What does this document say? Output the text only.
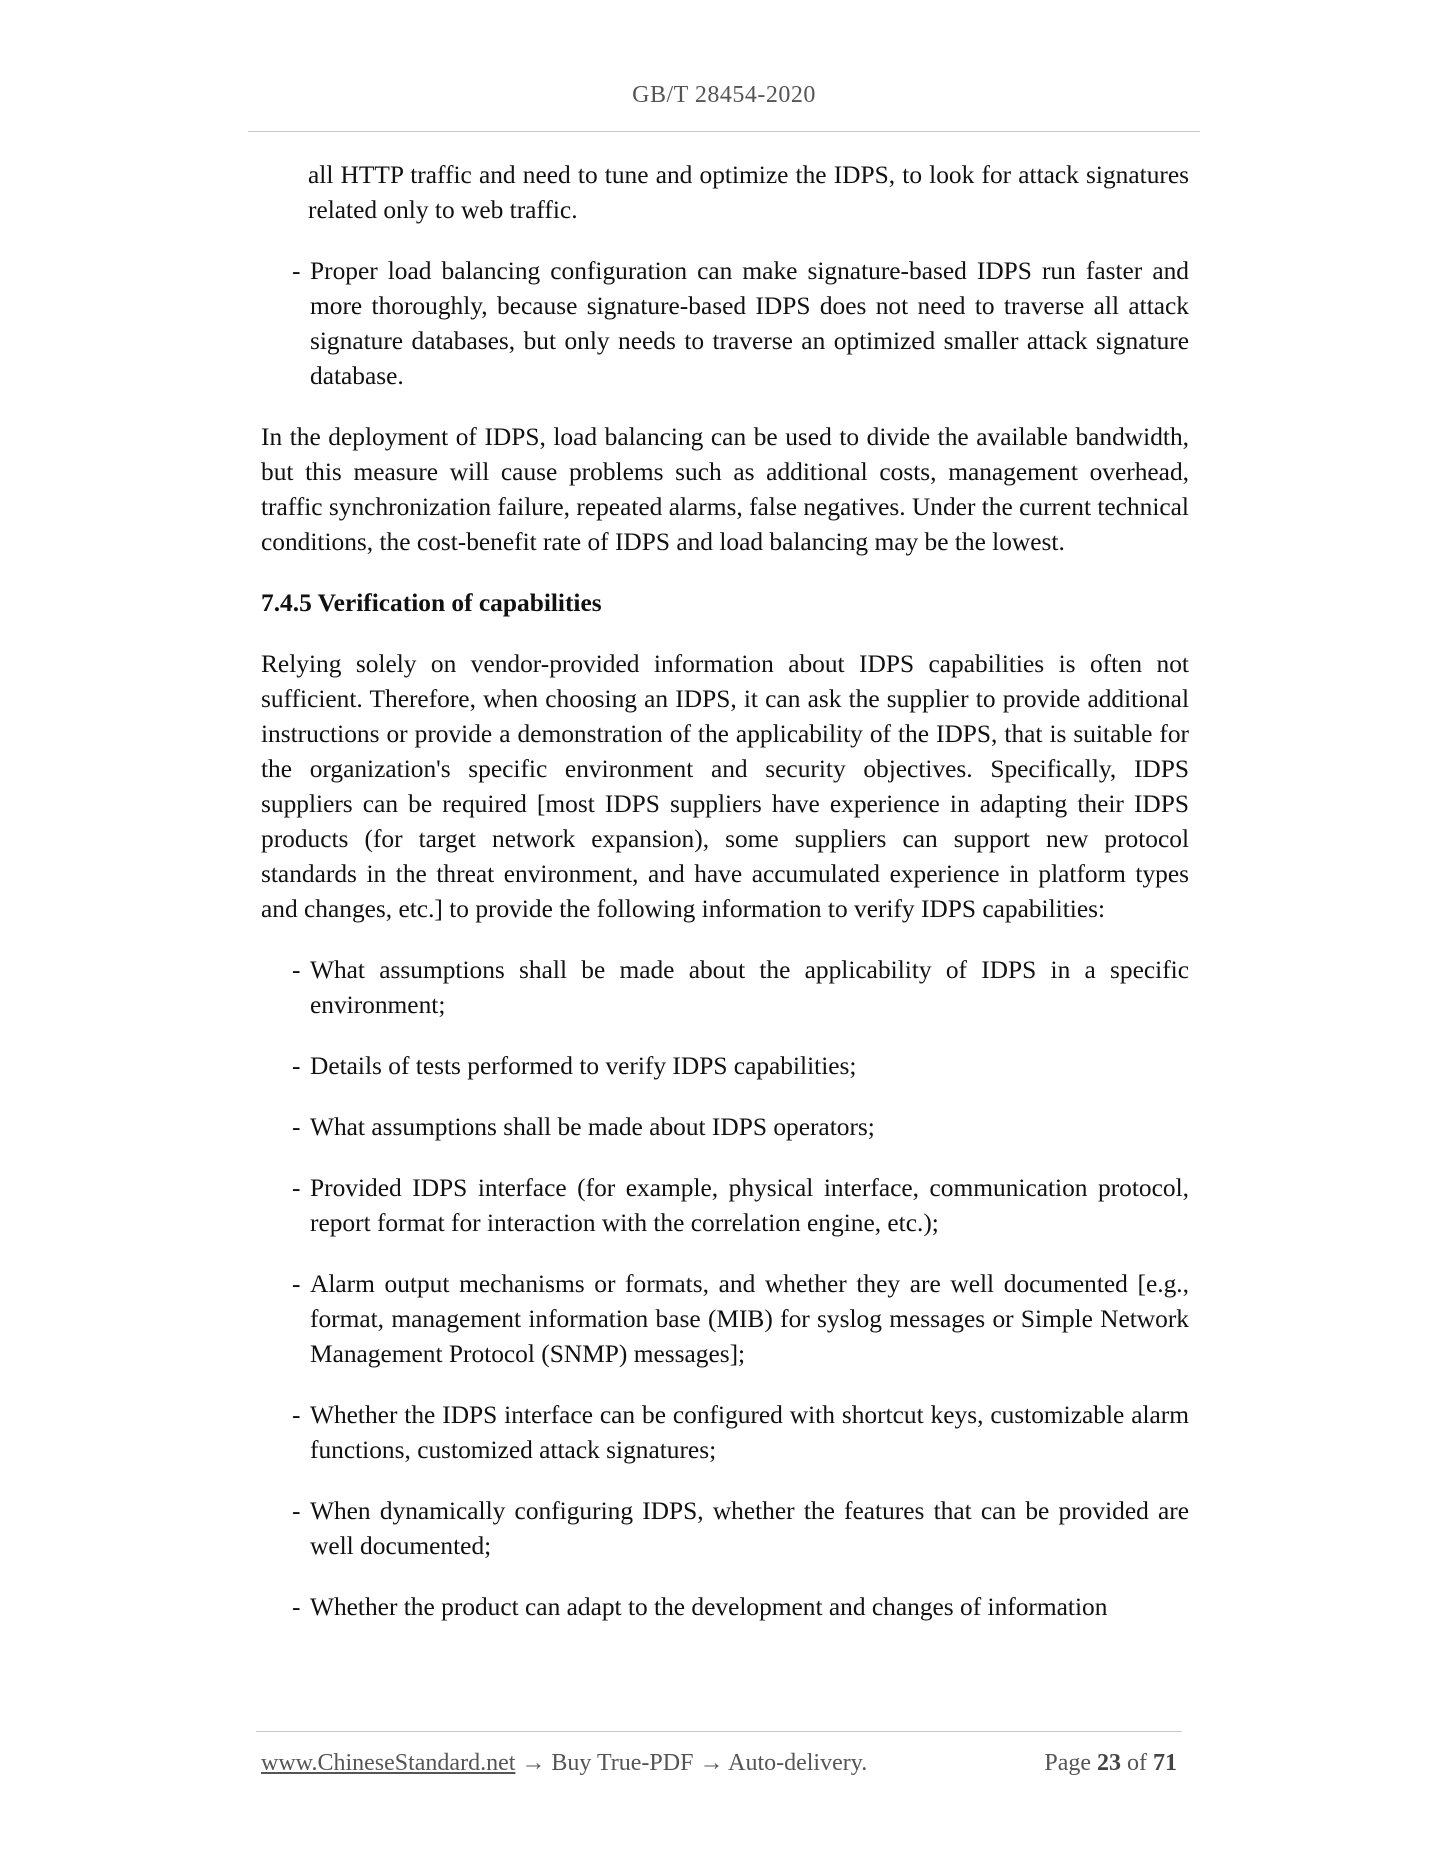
GB/T 28454-2020

all HTTP traffic and need to tune and optimize the IDPS, to look for attack signatures related only to web traffic.

- Proper load balancing configuration can make signature-based IDPS run faster and more thoroughly, because signature-based IDPS does not need to traverse all attack signature databases, but only needs to traverse an optimized smaller attack signature database.

In the deployment of IDPS, load balancing can be used to divide the available bandwidth, but this measure will cause problems such as additional costs, management overhead, traffic synchronization failure, repeated alarms, false negatives. Under the current technical conditions, the cost-benefit rate of IDPS and load balancing may be the lowest.

7.4.5 Verification of capabilities

Relying solely on vendor-provided information about IDPS capabilities is often not sufficient. Therefore, when choosing an IDPS, it can ask the supplier to provide additional instructions or provide a demonstration of the applicability of the IDPS, that is suitable for the organization's specific environment and security objectives. Specifically, IDPS suppliers can be required [most IDPS suppliers have experience in adapting their IDPS products (for target network expansion), some suppliers can support new protocol standards in the threat environment, and have accumulated experience in platform types and changes, etc.] to provide the following information to verify IDPS capabilities:

- What assumptions shall be made about the applicability of IDPS in a specific environment;
- Details of tests performed to verify IDPS capabilities;
- What assumptions shall be made about IDPS operators;
- Provided IDPS interface (for example, physical interface, communication protocol, report format for interaction with the correlation engine, etc.);
- Alarm output mechanisms or formats, and whether they are well documented [e.g., format, management information base (MIB) for syslog messages or Simple Network Management Protocol (SNMP) messages];
- Whether the IDPS interface can be configured with shortcut keys, customizable alarm functions, customized attack signatures;
- When dynamically configuring IDPS, whether the features that can be provided are well documented;
- Whether the product can adapt to the development and changes of information
www.ChineseStandard.net → Buy True-PDF → Auto-delivery.	Page 23 of 71
